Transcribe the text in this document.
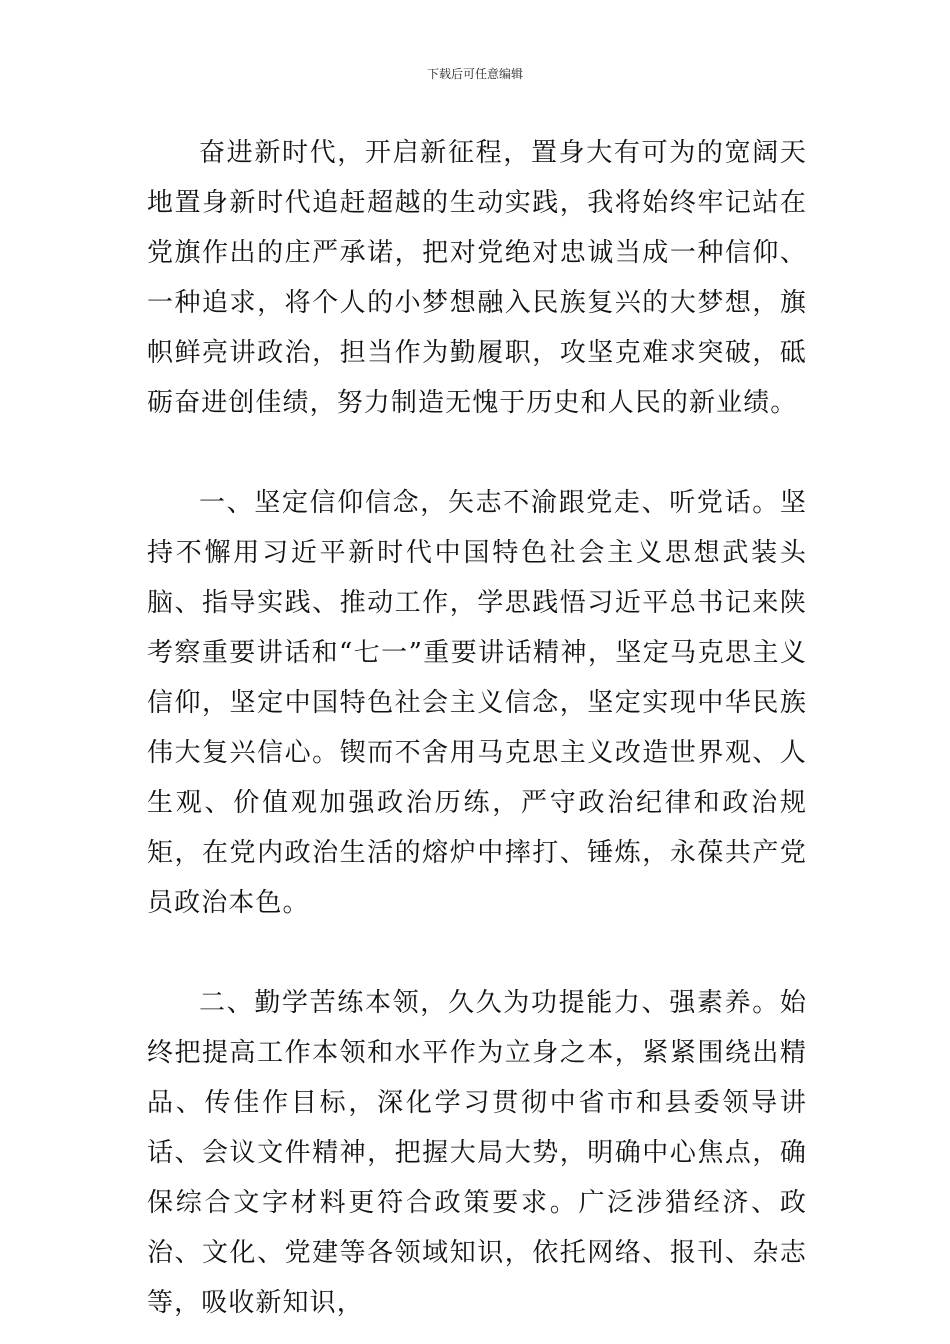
下载后可任意编辑

奋进新时代，开启新征程，置身大有可为的宽阔天地置身新时代追赶超越的生动实践，我将始终牢记站在党旗作出的庄严承诺，把对党绝对忠诚当成一种信仰、一种追求，将个人的小梦想融入民族复兴的大梦想，旗帜鲜亮讲政治，担当作为勤履职，攻坚克难求突破，砥砺奋进创佳绩，努力制造无愧于历史和人民的新业绩。

一、坚定信仰信念，矢志不渝跟党走、听党话。坚持不懈用习近平新时代中国特色社会主义思想武装头脑、指导实践、推动工作，学思践悟习近平总书记来陕考察重要讲话和“七一”重要讲话精神，坚定马克思主义信仰，坚定中国特色社会主义信念，坚定实现中华民族伟大复兴信心。锲而不舍用马克思主义改造世界观、人生观、价值观加强政治历练，严守政治纪律和政治规矩，在党内政治生活的熔炉中摔打、锤炼，永葆共产党员政治本色。

二、勤学苦练本领，久久为功提能力、强素养。始终把提高工作本领和水平作为立身之本，紧紧围绕出精品、传佳作目标，深化学习贯彻中省市和县委领导讲话、会议文件精神，把握大局大势，明确中心焦点，确保综合文字材料更符合政策要求。广泛涉猎经济、政治、文化、党建等各领域知识，依托网络、报刊、杂志等，吸收新知识，
